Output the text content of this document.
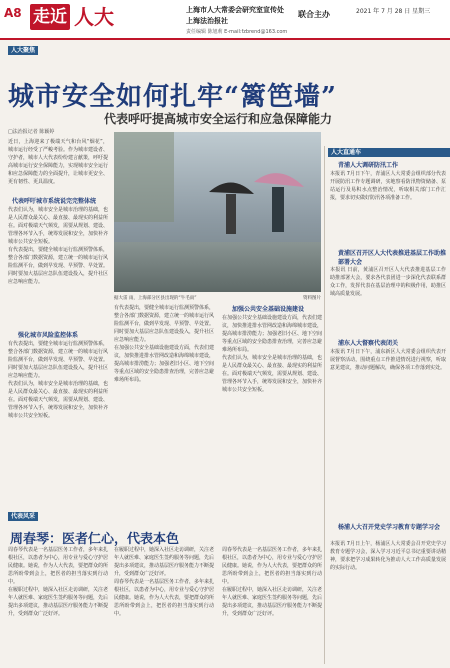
A8 走近 人大	上海市人大常委会研究室宣传处
上海法治报社
联合主办
责任编辑 陈旭莉 E-mail:fzbrend@163.com
2021 年 7 月 28 日 星期三
人大聚焦
城市安全如何扎牢“篱笆墙”
代表呼吁提高城市安全运行和应急保障能力
□法治报记者 陈颖婷

近日，上海迎来了极端天气和台风“烟花”，城市运行经受了严峻考验。作为城市建设者、守护者，城市人大代表纷纷建言献策，呼吁提高城市运行安全保障能力，实现城市安全运行和应急保障能力的全面提升，让城市更安全、更有韧性、更具温度。

代表呼吁城市系统说完完整体统

代表们认为，城市安全是城市治理的基础，也是人民群众最关心、最直接、最现实的利益所在。面对极端天气频发，需要从规划、建设、管理各环节入手，统筹发展和安全，加快补齐城市公共安全短板。

有代表提出，要健全城市运行监测预警体系，整合各部门数据资源，建立统一的城市运行风险监测平台，做到早发现、早预警、早处置。同时要加大基层应急队伍建设投入，提升社区应急响应能力。

强化城市风险监控体系

有代表提出，要健全城市运行监测预警体系，整合各部门数据资源，建立统一的城市运行风险监测平台，做到早发现、早预警、早处置。同时要加大基层应急队伍建设投入，提升社区应急响应能力。

代表们认为，城市安全是城市治理的基础，也是人民群众最关心、最直接、最现实的利益所在。面对极端天气频发，需要从规划、建设、管理各环节入手，统筹发展和安全，加快补齐城市公共安全短板。

据大雷 雨，上海部分区县出现的“牛毛雨”	资料图片

有代表提出，要健全城市运行监测预警体系，整合各部门数据资源，建立统一的城市运行风险监测平台，做到早发现、早预警、早处置。同时要加大基层应急队伍建设投入，提升社区应急响应能力。

在加强公共安全基础设施建设方面，代表们建议，加快推进排水管网改造和海绵城市建设，提高城市排涝能力；加强老旧小区、地下空间等重点区域的安全隐患排查治理，完善应急避难场所布局。

加强公共安全基础设施建设

在加强公共安全基础设施建设方面，代表们建议，加快推进排水管网改造和海绵城市建设，提高城市排涝能力；加强老旧小区、地下空间等重点区域的安全隐患排查治理，完善应急避难场所布局。

代表们认为，城市安全是城市治理的基础，也是人民群众最关心、最直接、最现实的利益所在。面对极端天气频发，需要从规划、建设、管理各环节入手，统筹发展和安全，加快补齐城市公共安全短板。

人大直通车
青浦人大调研防汛工作

本报讯 7月日下午，青浦区人大常委会组织部分代表开展防汛工作专题调研，实地察看防汛物资储备、泵站运行及易积水点整治情况，听取相关部门工作汇报，要求切实做好防汛各项准备工作。

黄浦区召开区人大代表推进基层工作助推部署大会

本报讯 日前，黄浦区召开区人大代表推进基层工作助推部署大会，要求各代表团进一步深化代表联系群众工作，发挥代表在基层治理中的积极作用，助推区域高质量发展。

浦东人大督察代表闭关

本报讯 7月日下午，浦东新区人大常委会组织代表开展督察活动，围绕重点工作推进情况进行视察，听取意见建议，推动问题解决，确保各项工作落到实处。

杨浦人大召开党史学习教育专题学习会

本报讯 7月日上午，杨浦区人大常委会召开党史学习教育专题学习会，深入学习习近平总书记重要讲话精神，要求把学习成果转化为推动人大工作高质量发展的实际行动。

代表风采
周春琴：医者仁心，代表本色

周春琴代表是一名基层医务工作者，多年来扎根社区，以患者为中心，用专业与爱心守护居民健康。她说，作为人大代表，要把群众的所思所盼带到会上，把医者的担当落实到行动中。

在履职过程中，她深入社区走访调研，关注老年人就医难、家庭医生签约服务等问题，先后提出多项建议，推动基层医疗服务能力不断提升，受到群众广泛好评。

在履职过程中，她深入社区走访调研，关注老年人就医难、家庭医生签约服务等问题，先后提出多项建议，推动基层医疗服务能力不断提升，受到群众广泛好评。

周春琴代表是一名基层医务工作者，多年来扎根社区，以患者为中心，用专业与爱心守护居民健康。她说，作为人大代表，要把群众的所思所盼带到会上，把医者的担当落实到行动中。

周春琴代表是一名基层医务工作者，多年来扎根社区，以患者为中心，用专业与爱心守护居民健康。她说，作为人大代表，要把群众的所思所盼带到会上，把医者的担当落实到行动中。

在履职过程中，她深入社区走访调研，关注老年人就医难、家庭医生签约服务等问题，先后提出多项建议，推动基层医疗服务能力不断提升，受到群众广泛好评。
